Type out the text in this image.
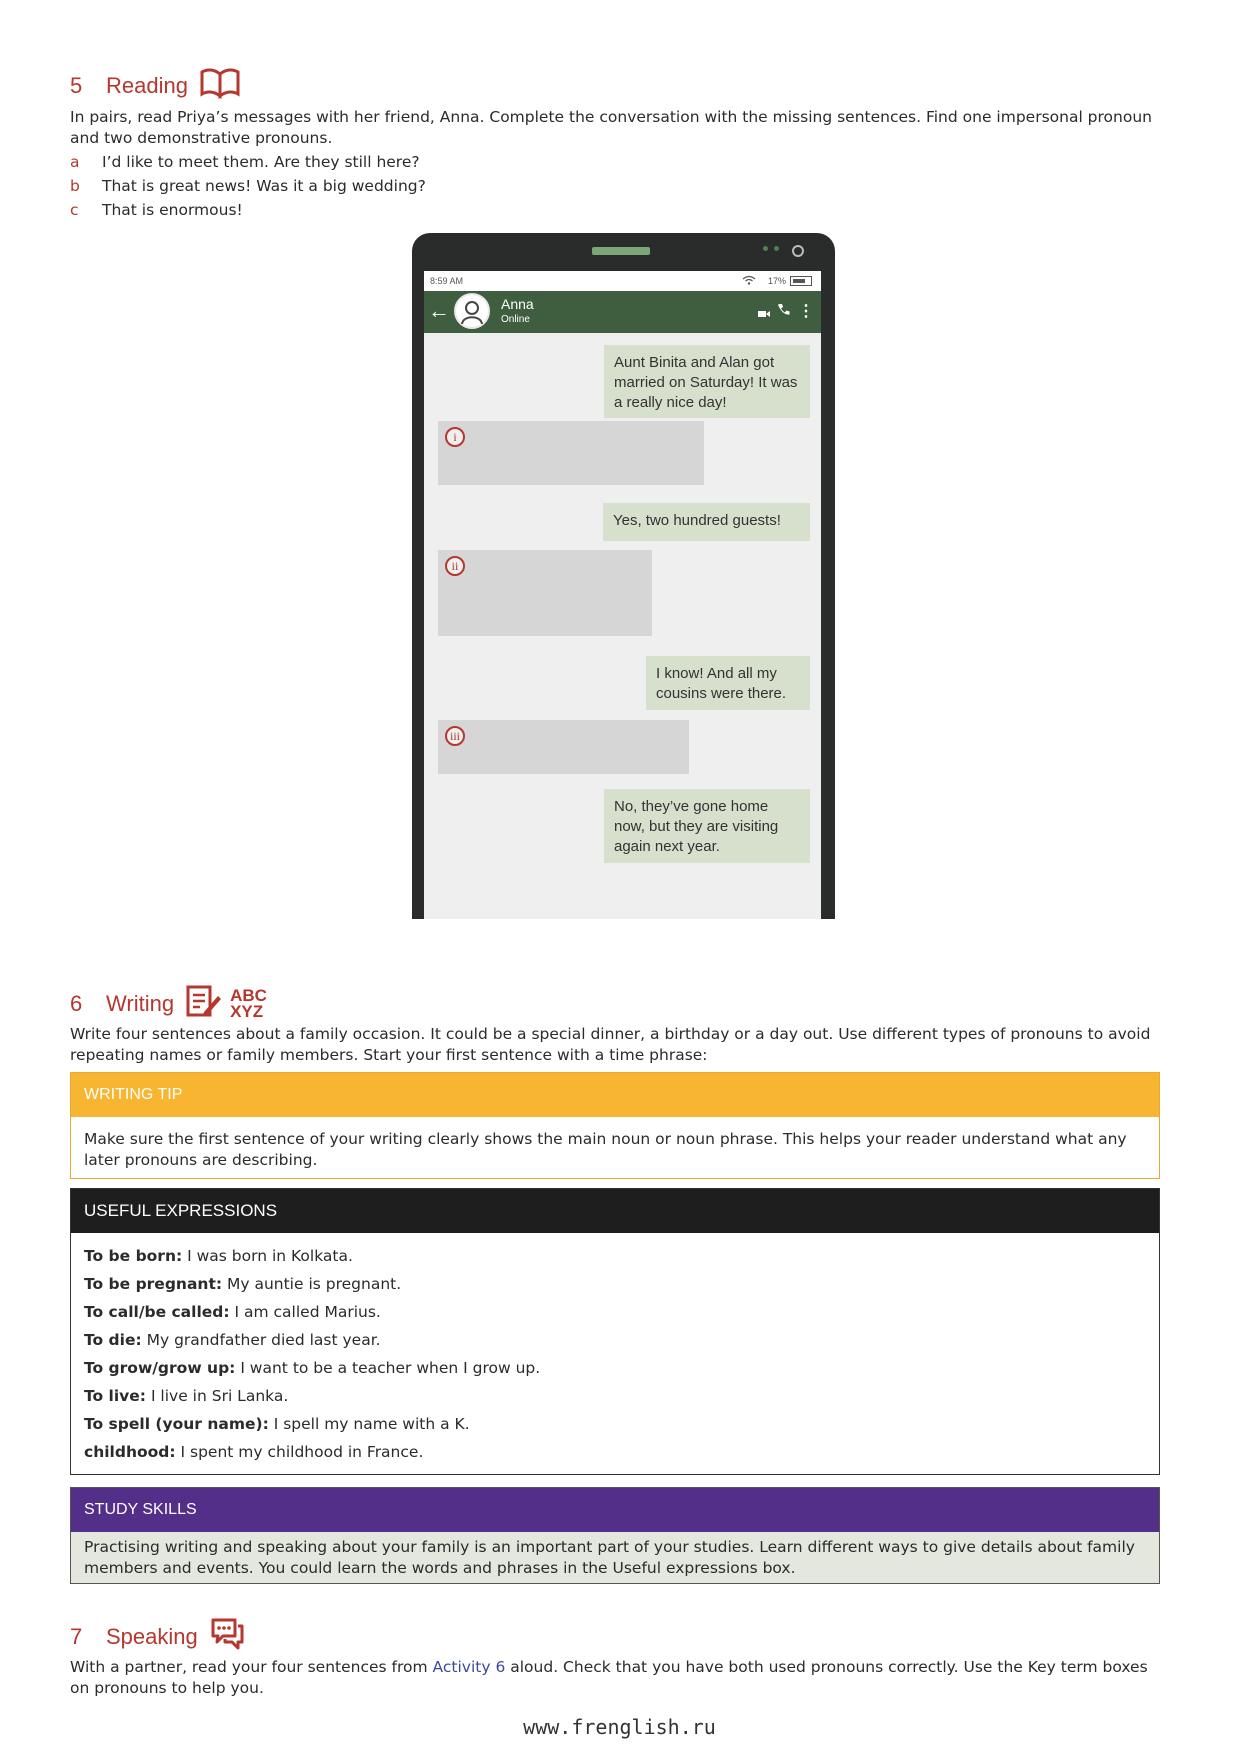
5	Reading
In pairs, read Priya’s messages with her friend, Anna. Complete the conversation with the missing sentences. Find one impersonal pronoun and two demonstrative pronouns.
a	I’d like to meet them. Are they still here?
b	That is great news! Was it a big wedding?
c	That is enormous!
8:59 AM	17%
←	Anna
Online	⋮
Aunt Binita and Alan got married on Saturday! It was a really nice day!
i
Yes, two hundred guests!
ii
I know! And all my cousins were there.
iii
No, they’ve gone home now, but they are visiting again next year.
6	Writing	ABC
XYZ
Write four sentences about a family occasion. It could be a special dinner, a birthday or a day out. Use different types of pronouns to avoid repeating names or family members. Start your first sentence with a time phrase:
WRITING TIP
Make sure the first sentence of your writing clearly shows the main noun or noun phrase. This helps your reader understand what any later pronouns are describing.
USEFUL EXPRESSIONS
To be born: I was born in Kolkata.
To be pregnant: My auntie is pregnant.
To call/be called: I am called Marius.
To die: My grandfather died last year.
To grow/grow up: I want to be a teacher when I grow up.
To live: I live in Sri Lanka.
To spell (your name): I spell my name with a K.
childhood: I spent my childhood in France.
STUDY SKILLS
Practising writing and speaking about your family is an important part of your studies. Learn different ways to give details about family members and events. You could learn the words and phrases in the Useful expressions box.
7	Speaking
With a partner, read your four sentences from Activity 6 aloud. Check that you have both used pronouns correctly. Use the Key term boxes on pronouns to help you.
www.frenglish.ru
